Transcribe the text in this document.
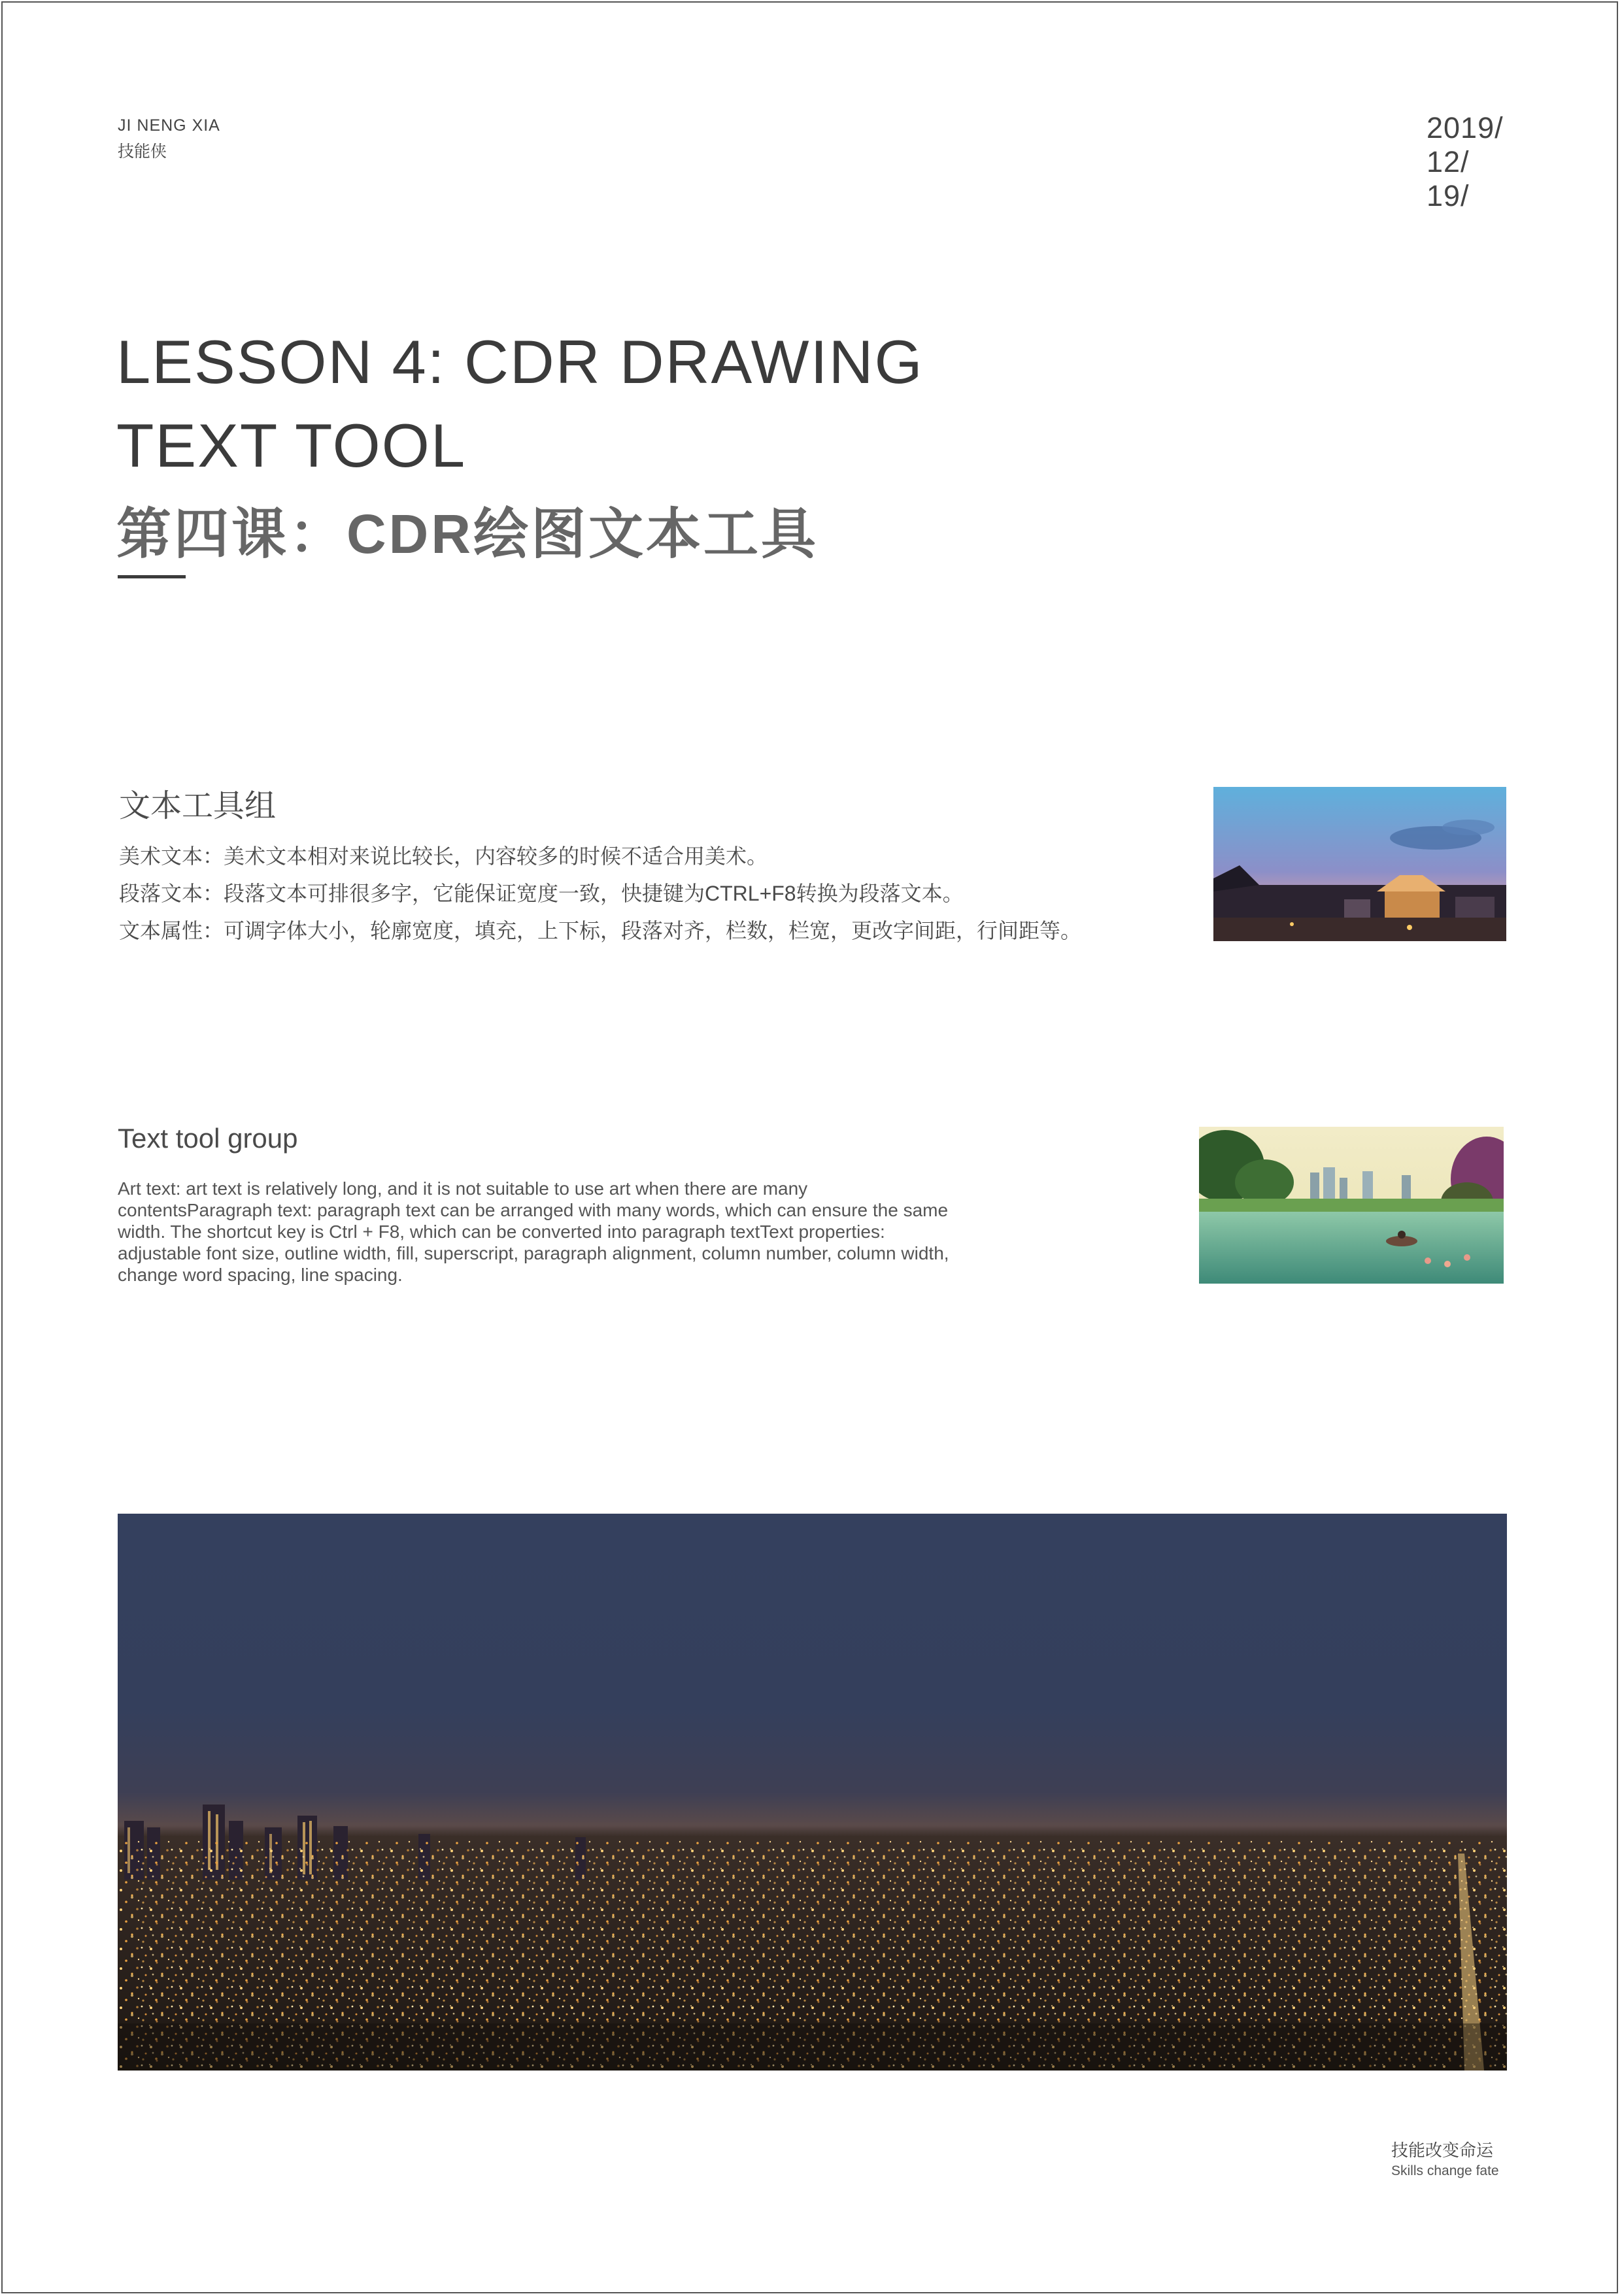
JI NENG XIA
技能侠
2019/
12/
19/
LESSON 4: CDR DRAWING
TEXT TOOL
第四课：CDR绘图文本工具
文本工具组
美术文本：美术文本相对来说比较长，内容较多的时候不适合用美术。
段落文本：段落文本可排很多字，它能保证宽度一致，快捷键为CTRL+F8转换为段落文本。
文本属性：可调字体大小，轮廓宽度，填充，上下标，段落对齐，栏数，栏宽，更改字间距，行间距等。
Text tool group
Art text: art text is relatively long, and it is not suitable to use art when there are many
contentsParagraph text: paragraph text can be arranged with many words, which can ensure the same
width. The shortcut key is Ctrl + F8, which can be converted into paragraph textText properties:
adjustable font size, outline width, fill, superscript, paragraph alignment, column number, column width,
change word spacing, line spacing.
技能改变命运
Skills change fate
